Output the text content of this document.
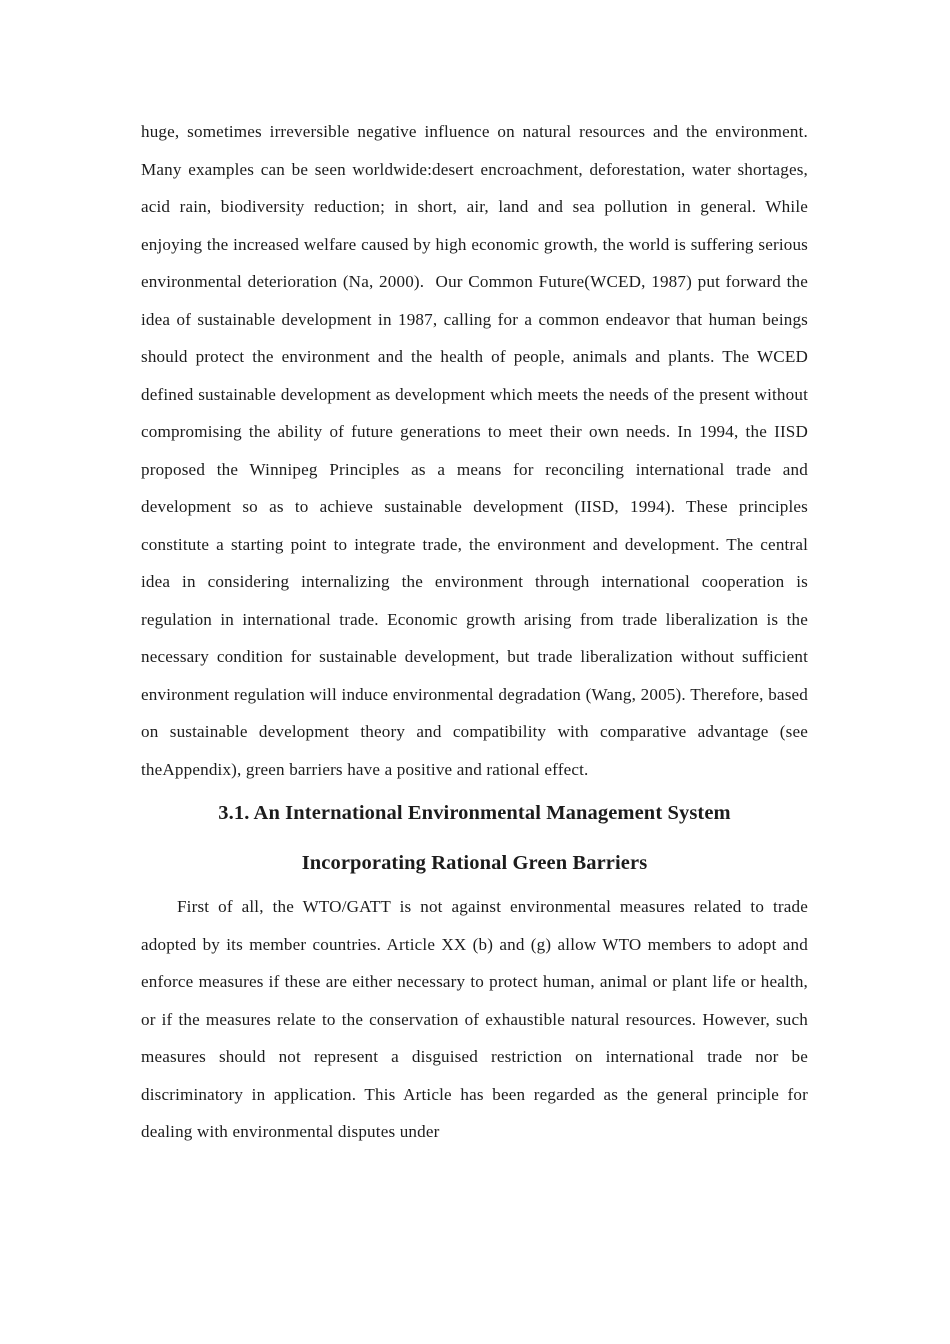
huge, sometimes irreversible negative influence on natural resources and the environment. Many examples can be seen worldwide:desert encroachment, deforestation, water shortages, acid rain, biodiversity reduction; in short, air, land and sea pollution in general. While enjoying the increased welfare caused by high economic growth, the world is suffering serious environmental deterioration (Na, 2000).  Our Common Future(WCED, 1987) put forward the idea of sustainable development in 1987, calling for a common endeavor that human beings should protect the environment and the health of people, animals and plants. The WCED defined sustainable development as development which meets the needs of the present without compromising the ability of future generations to meet their own needs. In 1994, the IISD proposed the Winnipeg Principles as a means for reconciling international trade and development so as to achieve sustainable development (IISD, 1994). These principles constitute a starting point to integrate trade, the environment and development. The central idea in considering internalizing the environment through international cooperation is regulation in international trade. Economic growth arising from trade liberalization is the necessary condition for sustainable development, but trade liberalization without sufficient environment regulation will induce environmental degradation (Wang, 2005). Therefore, based on sustainable development theory and compatibility with comparative advantage (see theAppendix), green barriers have a positive and rational effect.

3.1. An International Environmental Management System
Incorporating Rational Green Barriers

First of all, the WTO/GATT is not against environmental measures related to trade adopted by its member countries. Article XX (b) and (g) allow WTO members to adopt and enforce measures if these are either necessary to protect human, animal or plant life or health, or if the measures relate to the conservation of exhaustible natural resources. However, such measures should not represent a disguised restriction on international trade nor be discriminatory in application. This Article has been regarded as the general principle for dealing with environmental disputes under
